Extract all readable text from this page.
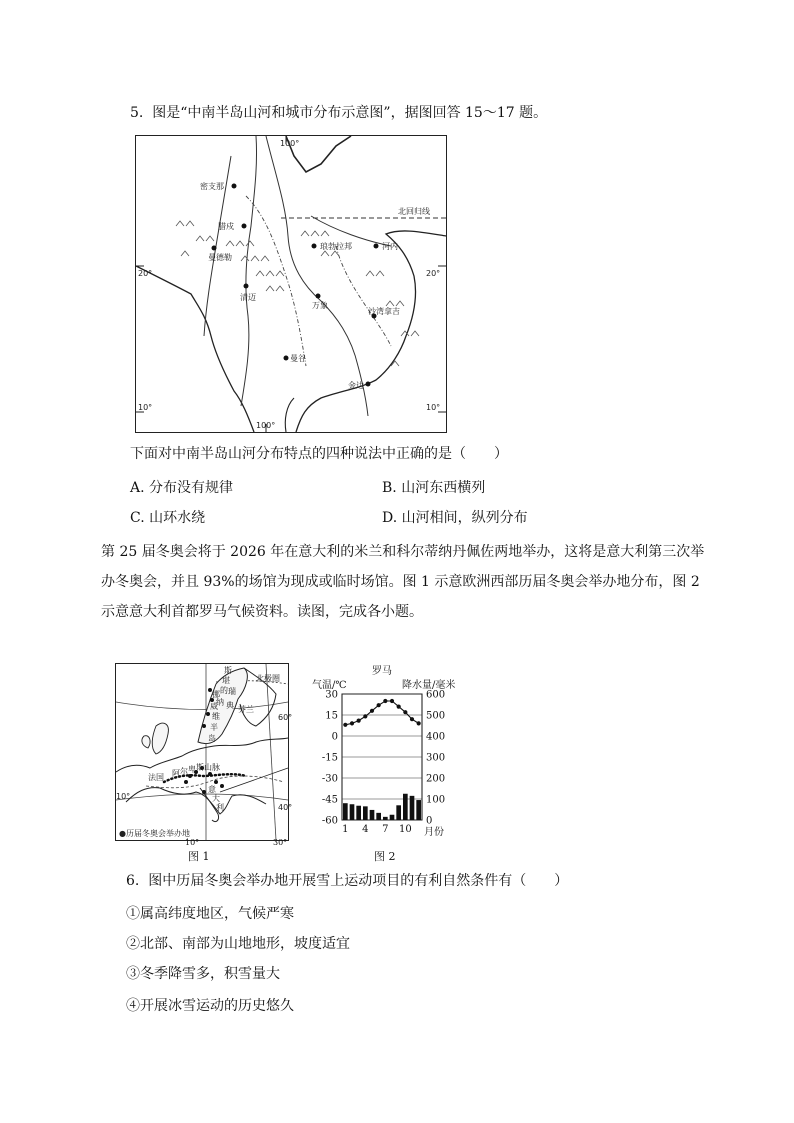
5.  图是“中南半岛山河和城市分布示意图”，据图回答 15～17 题。
密支那
腊戍
曼德勒
清迈
琅勃拉邦
万象
河内
沙湾拿吉
曼谷
金边
北回归线
100°
100°
20°	20°
10°	10°
下面对中南半岛山河分布特点的四种说法中正确的是（　　）
A. 分布没有规律	B. 山河东西横列
C. 山环水绕	D. 山河相间，纵列分布
第 25 届冬奥会将于 2026 年在意大利的米兰和科尔蒂纳丹佩佐两地举办，这将是意大利第三次举
办冬奥会，并且 93%的场馆为现成或临时场馆。图 1 示意欧洲西部历届冬奥会举办地分布，图 2
示意意大利首都罗马气候资料。读图，完成各小题。
斯
堪
的
挪 瑞
纳
威 典
维
半
岛
北极圈
芬兰
法国 阿 尔 卑 斯 山 脉
意
大
利
60°
40°
10°
●历届冬奥会举办地
10°	30°
图 1
罗马
气温/℃	降水量/毫米
30
15
0
-15
-30
-45
-60
600
500
400
300
200
100
0
1 4 7 10 月份
图 2
6.  图中历届冬奥会举办地开展雪上运动项目的有利自然条件有（　　）
①属高纬度地区，气候严寒
②北部、南部为山地地形，坡度适宜
③冬季降雪多，积雪量大
④开展冰雪运动的历史悠久
